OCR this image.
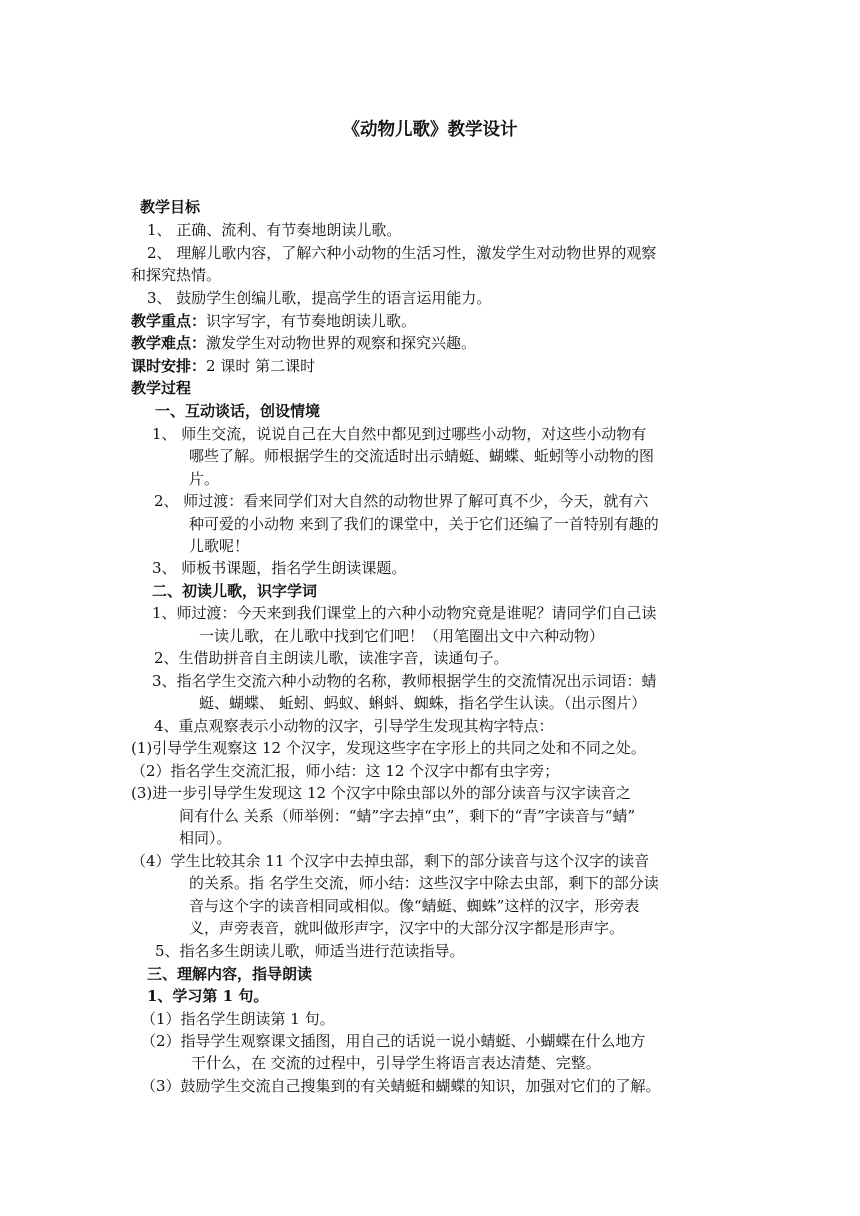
《动物儿歌》教学设计
教学目标
1、 正确、流利、有节奏地朗读儿歌。
2、 理解儿歌内容，了解六种小动物的生活习性，激发学生对动物世界的观察
和探究热情。
3、 鼓励学生创编儿歌，提高学生的语言运用能力。
教学重点：识字写字，有节奏地朗读儿歌。
教学难点：激发学生对动物世界的观察和探究兴趣。
课时安排：2 课时 第二课时
教学过程
一、互动谈话，创设情境
1、 师生交流，说说自己在大自然中都见到过哪些小动物，对这些小动物有
哪些了解。师根据学生的交流适时出示蜻蜓、蝴蝶、蚯蚓等小动物的图
片。
2、 师过渡：看来同学们对大自然的动物世界了解可真不少，今天，就有六
种可爱的小动物 来到了我们的课堂中，关于它们还编了一首特别有趣的
儿歌呢！
3、 师板书课题，指名学生朗读课题。
二、初读儿歌，识字学词
1、师过渡：今天来到我们课堂上的六种小动物究竟是谁呢？请同学们自己读
一读儿歌，在儿歌中找到它们吧！（用笔圈出文中六种动物）
2、生借助拼音自主朗读儿歌，读准字音，读通句子。
3、指名学生交流六种小动物的名称，教师根据学生的交流情况出示词语：蜻
蜓、蝴蝶、 蚯蚓、蚂蚁、蝌蚪、蜘蛛，指名学生认读。（出示图片）
4、重点观察表示小动物的汉字，引导学生发现其构字特点：
(1)引导学生观察这 12 个汉字，发现这些字在字形上的共同之处和不同之处。
（2）指名学生交流汇报，师小结：这 12 个汉字中都有虫字旁；
(3)进一步引导学生发现这 12 个汉字中除虫部以外的部分读音与汉字读音之
间有什么 关系（师举例：“蜻”字去掉“虫”，剩下的“青”字读音与“蜻”
相同）。
（4）学生比较其余 11 个汉字中去掉虫部，剩下的部分读音与这个汉字的读音
的关系。指 名学生交流，师小结：这些汉字中除去虫部，剩下的部分读
音与这个字的读音相同或相似。像“蜻蜓、蜘蛛”这样的汉字，形旁表
义，声旁表音，就叫做形声字，汉字中的大部分汉字都是形声字。
5、指名多生朗读儿歌，师适当进行范读指导。
三、理解内容，指导朗读
1、学习第 1 句。
（1）指名学生朗读第 1 句。
（2）指导学生观察课文插图，用自己的话说一说小蜻蜓、小蝴蝶在什么地方
干什么，在 交流的过程中，引导学生将语言表达清楚、完整。
（3）鼓励学生交流自己搜集到的有关蜻蜓和蝴蝶的知识，加强对它们的了解。
